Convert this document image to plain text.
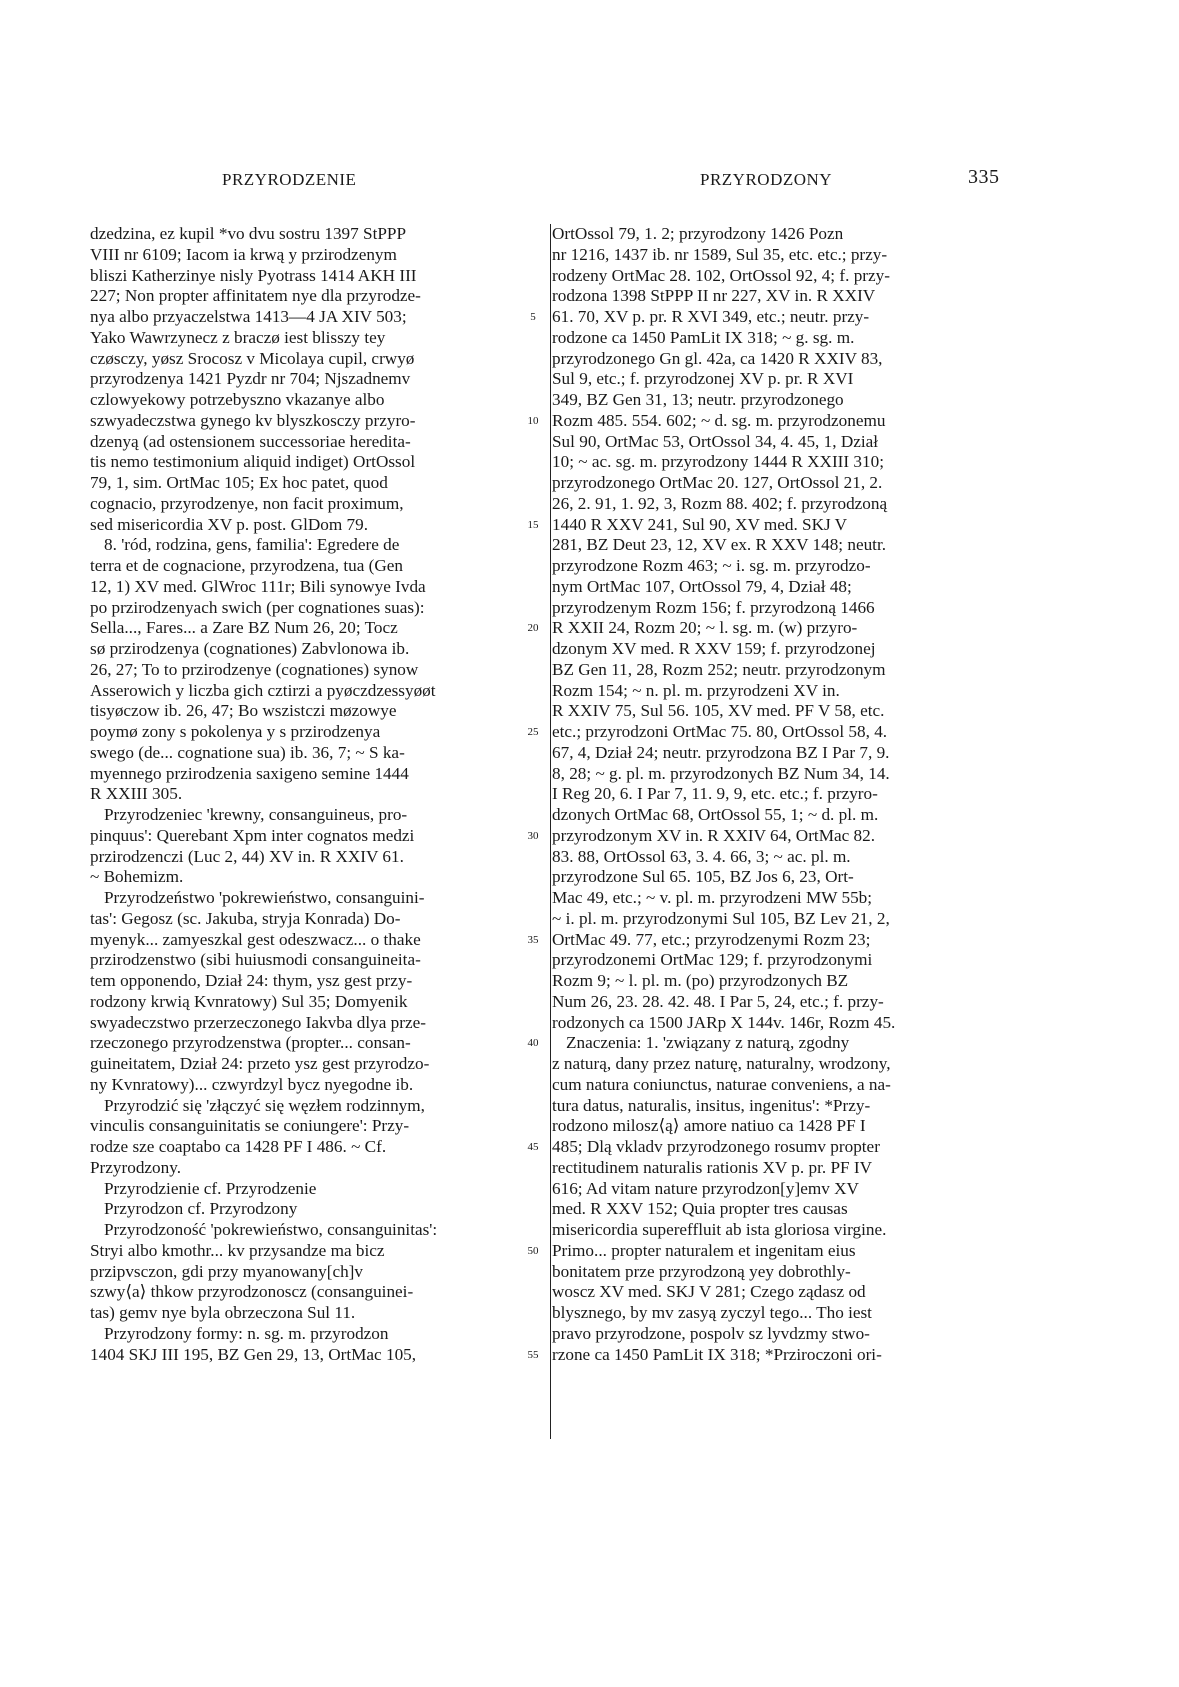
PRZYRODZENIE	PRZYRODZONY	335
dzedzina, ez kupil *vo dvu sostru 1397 StPPP
VIII nr 6109; Iacom ia krwą y przirodzenym
bliszi Katherzinye nisly Pyotrass 1414 AKH III
227; Non propter affinitatem nye dla przyrodze-
nya albo przyaczelstwa 1413—4 JA XIV 503;
Yako Wawrzynecz z braczø iest blisszy tey
czøsczy, yøsz Srocosz v Micolaya cupil, crwyø
przyrodzenya 1421 Pyzdr nr 704; Njszadnemv
czlowyekowy potrzebyszno vkazanye albo
szwyadeczstwa gynego kv blyszkosczy przyro-
dzenyą (ad ostensionem successoriae hereditа-
tis nemo testimonium aliquid indiget) OrtOssol
79, 1, sim. OrtMac 105; Ex hoc patet, quod
cognacio, przyrodzenye, non facit proximum,
sed misericordia XV p. post. GlDom 79.
8. 'ród, rodzina, gens, familia': Egredere de
terra et de cognacione, przyrodzena, tua (Gen
12, 1) XV med. GlWroc 111r; Bili synowye Ivda
po przirodzenyach swich (per cognationes suas):
Sella..., Fares... a Zare BZ Num 26, 20; Tocz
sø przirodzenya (cognationes) Zabvlonowa ib.
26, 27; To to przirodzenye (cognationes) synow
Asserowich y liczba gich cztirzi a pyøczdzessyøøt
tisyøczow ib. 26, 47; Bo wszistczi møzowye
poymø zony s pokolenya y s przirodzenya
swego (de... cognatione sua) ib. 36, 7; ~ S ka-
myennego przirodzenia saxigeno semine 1444
R XXIII 305.
Przyrodzeniec 'krewny, consanguineus, pro-
pinquus': Querebant Xpm inter cognatos medzi
przirodzenczi (Luc 2, 44) XV in. R XXIV 61.
~ Bohemizm.
Przyrodzeństwo 'pokrewieństwo, consanguini-
tas': Gegosz (sc. Jakuba, stryja Konrada) Do-
myenyk... zamyeszkal gest odeszwacz... o thake
przirodzenstwo (sibi huiusmodi consanguineita-
tem opponendo, Dział 24: thym, ysz gest przy-
rodzony krwią Kvnratowy) Sul 35; Domyenik
swyadeczstwo przerzeczonego Iakvba dlya prze-
rzeczonego przyrodzenstwa (propter... consan-
guineitatem, Dział 24: przeto ysz gest przyrodzo-
ny Kvnratowy)... czwyrdzyl bycz nyegodne ib.
Przyrodzić się 'złączyć się węzłem rodzinnym,
vinculis consanguinitatis se coniungere': Przy-
rodze sze coaptabo ca 1428 PF I 486. ~ Cf.
Przyrodzony.
Przyrodzienie cf. Przyrodzenie
Przyrodzon cf. Przyrodzony
Przyrodzoność 'pokrewieństwo, consanguinitas':
Stryi albo kmothr... kv przysandze ma bicz
przipvsczon, gdi przy myanowany[ch]v
szwy⟨a⟩ thkow przyrodzonoscz (consanguinei-
tas) gemv nye byla obrzeczona Sul 11.
Przyrodzony formy: n. sg. m. przyrodzon
1404 SKJ III 195, BZ Gen 29, 13, OrtMac 105,

5

10

15

20

25

30

35

40

45

50

55

OrtOssol 79, 1. 2; przyrodzony 1426 Pozn
nr 1216, 1437 ib. nr 1589, Sul 35, etc. etc.; przy-
rodzeny OrtMac 28. 102, OrtOssol 92, 4; f. przy-
rodzona 1398 StPPP II nr 227, XV in. R XXIV
61. 70, XV p. pr. R XVI 349, etc.; neutr. przy-
rodzone ca 1450 PamLit IX 318; ~ g. sg. m.
przyrodzonego Gn gl. 42a, ca 1420 R XXIV 83,
Sul 9, etc.; f. przyrodzonej XV p. pr. R XVI
349, BZ Gen 31, 13; neutr. przyrodzonego
Rozm 485. 554. 602; ~ d. sg. m. przyrodzonemu
Sul 90, OrtMac 53, OrtOssol 34, 4. 45, 1, Dział
10; ~ ac. sg. m. przyrodzony 1444 R XXIII 310;
przyrodzonego OrtMac 20. 127, OrtOssol 21, 2.
26, 2. 91, 1. 92, 3, Rozm 88. 402; f. przyrodzoną
1440 R XXV 241, Sul 90, XV med. SKJ V
281, BZ Deut 23, 12, XV ex. R XXV 148; neutr.
przyrodzone Rozm 463; ~ i. sg. m. przyrodzo-
nym OrtMac 107, OrtOssol 79, 4, Dział 48;
przyrodzenym Rozm 156; f. przyrodzoną 1466
R XXII 24, Rozm 20; ~ l. sg. m. (w) przyro-
dzonym XV med. R XXV 159; f. przyrodzonej
BZ Gen 11, 28, Rozm 252; neutr. przyrodzonym
Rozm 154; ~ n. pl. m. przyrodzeni XV in.
R XXIV 75, Sul 56. 105, XV med. PF V 58, etc.
etc.; przyrodzoni OrtMac 75. 80, OrtOssol 58, 4.
67, 4, Dział 24; neutr. przyrodzona BZ I Par 7, 9.
8, 28; ~ g. pl. m. przyrodzonych BZ Num 34, 14.
I Reg 20, 6. I Par 7, 11. 9, 9, etc. etc.; f. przyro-
dzonych OrtMac 68, OrtOssol 55, 1; ~ d. pl. m.
przyrodzonym XV in. R XXIV 64, OrtMac 82.
83. 88, OrtOssol 63, 3. 4. 66, 3; ~ ac. pl. m.
przyrodzone Sul 65. 105, BZ Jos 6, 23, Ort-
Mac 49, etc.; ~ v. pl. m. przyrodzeni MW 55b;
~ i. pl. m. przyrodzonymi Sul 105, BZ Lev 21, 2,
OrtMac 49. 77, etc.; przyrodzenymi Rozm 23;
przyrodzonemi OrtMac 129; f. przyrodzonymi
Rozm 9; ~ l. pl. m. (po) przyrodzonych BZ
Num 26, 23. 28. 42. 48. I Par 5, 24, etc.; f. przy-
rodzonych ca 1500 JARp X 144v. 146r, Rozm 45.
Znaczenia: 1. 'związany z naturą, zgodny
z naturą, dany przez naturę, naturalny, wrodzony,
cum natura coniunctus, naturae conveniens, a na-
tura datus, naturalis, insitus, ingenitus': *Przy-
rodzono milosz⟨ą⟩ amore natiuo ca 1428 PF I
485; Dlą vkladv przyrodzonego rosumv propter
rectitudinem naturalis rationis XV p. pr. PF IV
616; Ad vitam nature przyrodzon[y]emv XV
med. R XXV 152; Quia propter tres causas
misericordia supereffluit ab ista gloriosa virgine.
Primo... propter naturalem et ingenitam eius
bonitatem prze przyrodzoną yey dobrothly-
woscz XV med. SKJ V 281; Czego ządasz od
blysznego, by mv zasyą zyczyl tego... Tho iest
pravo przyrodzone, pospolv sz lyvdzmy stwo-
rzone ca 1450 PamLit IX 318; *Prziroczoni ori-
